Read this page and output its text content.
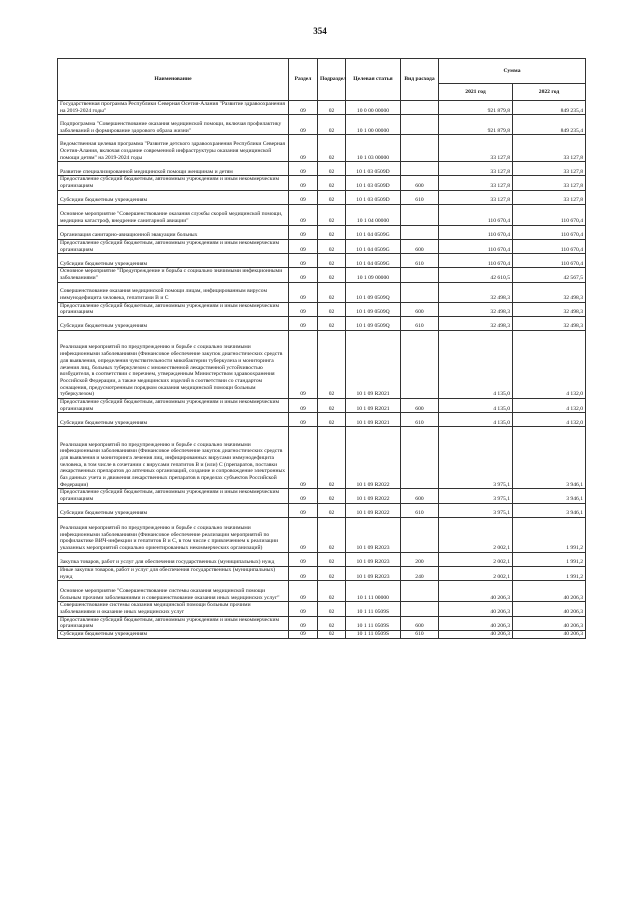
354
Наименование	Раздел	Подраздел	Целевая статья	Вид расхода	Сумма	
					2021 год	2022 год
Государственная программа Республики Северная Осетия-Алания "Развитие здравоохранения на 2019-2024 годы"	09	02	10 0 00 00000		921 879,8	849 235,4
Подпрограмма "Совершенствование оказания медицинской помощи, включая профилактику заболеваний и формирование здорового образа жизни"	09	02	10 1 00 00000		921 879,8	849 235,4
Ведомственная целевая программа "Развитие детского здравоохранения Республики Северная Осетия-Алания, включая создание современной инфраструктуры оказания медицинской помощи детям" на 2019-2024 годы	09	02	10 1 03 00000		33 127,8	33 127,8
Развитие специализированной медицинской помощи женщинам и детям	09	02	10 1 03 0509D		33 127,8	33 127,8
Предоставление субсидий бюджетным, автономным учреждениям и иным некоммерческим организациям	09	02	10 1 03 0509D	600	33 127,8	33 127,8
Субсидии бюджетным учреждениям	09	02	10 1 03 0509D	610	33 127,8	33 127,8
Основное мероприятие "Совершенствование оказания службы скорой медицинской помощи, медицина катастроф, внедрение санитарной авиации"	09	02	10 1 04 00000		110 670,4	110 670,4
Организация санитарно-авиационной эвакуации больных	09	02	10 1 04 0509G		110 670,4	110 670,4
Предоставление субсидий бюджетным, автономным учреждениям и иным некоммерческим организациям	09	02	10 1 04 0509G	600	110 670,4	110 670,4
Субсидии бюджетным учреждениям	09	02	10 1 04 0509G	610	110 670,4	110 670,4
Основное мероприятие "Предупреждение и борьба с социально значимыми инфекционными заболеваниями"	09	02	10 1 09 00000		42 610,5	42 567,5
Совершенствование оказания медицинской помощи лицам, инфицированным вирусом иммунодефицита человека, гепатитами B и C	09	02	10 1 09 0509Q		32 498,3	32 498,3
Предоставление субсидий бюджетным, автономным учреждениям и иным некоммерческим организациям	09	02	10 1 09 0509Q	600	32 498,3	32 498,3
Субсидии бюджетным учреждениям	09	02	10 1 09 0509Q	610	32 498,3	32 498,3
Реализация мероприятий по предупреждению и борьбе с социально значимыми инфекционными заболеваниями (Финансовое обеспечение закупок диагностических средств для выявления, определения чувствительности микобактерии туберкулеза и мониторинга лечения лиц, больных туберкулезом с множественной лекарственной устойчивостью возбудителя, в соответствии с перечнем, утвержденным Министерством здравоохранения Российской Федерации, а также медицинских изделий в соответствии со стандартом оснащения, предусмотренным порядком оказания медицинской помощи больным туберкулезом)	09	02	10 1 09 R2021		4 135,0	4 132,0
Предоставление субсидий бюджетным, автономным учреждениям и иным некоммерческим организациям	09	02	10 1 09 R2021	600	4 135,0	4 132,0
Субсидии бюджетным учреждениям	09	02	10 1 09 R2021	610	4 135,0	4 132,0
Реализация мероприятий по предупреждению и борьбе с социально значимыми инфекционными заболеваниями (Финансовое обеспечение закупок диагностических средств для выявления и мониторинга лечения лиц, инфицированных вирусами иммунодефицита человека, в том числе в сочетании с вирусами гепатитов B и (или) C (препаратов, поставки лекарственных препаратов до аптечных организаций, создание и сопровождение электронных баз данных учета и движения лекарственных препаратов в пределах субъектов Российской Федерации)	09	02	10 1 09 R2022		3 975,1	3 946,1
Предоставление субсидий бюджетным, автономным учреждениям и иным некоммерческим организациям	09	02	10 1 09 R2022	600	3 975,1	3 946,1
Субсидии бюджетным учреждениям	09	02	10 1 09 R2022	610	3 975,1	3 946,1
Реализация мероприятий по предупреждению и борьбе с социально значимыми инфекционными заболеваниями (Финансовое обеспечение реализации мероприятий по профилактике ВИЧ-инфекции и гепатитов B и C, в том числе с привлечением к реализации указанных мероприятий социально ориентированных некоммерческих организаций)	09	02	10 1 09 R2023		2 002,1	1 991,2
Закупка товаров, работ и услуг для обеспечения государственных (муниципальных) нужд	09	02	10 1 09 R2023	200	2 002,1	1 991,2
Иные закупки товаров, работ и услуг для обеспечения государственных (муниципальных) нужд	09	02	10 1 09 R2023	240	2 002,1	1 991,2
Основное мероприятие "Совершенствование системы оказания медицинской помощи больным прочими заболеваниями и совершенствование оказания иных медицинских услуг"	09	02	10 1 11 00000		40 206,3	40 206,3
Совершенствование системы оказания медицинской помощи больным прочими заболеваниями и оказание иных медицинских услуг	09	02	10 1 11 0509S		40 206,3	40 206,3
Предоставление субсидий бюджетным, автономным учреждениям и иным некоммерческим организациям	09	02	10 1 11 0509S	600	40 206,3	40 206,3
Субсидии бюджетным учреждениям	09	02	10 1 11 0509S	610	40 206,3	40 206,3
